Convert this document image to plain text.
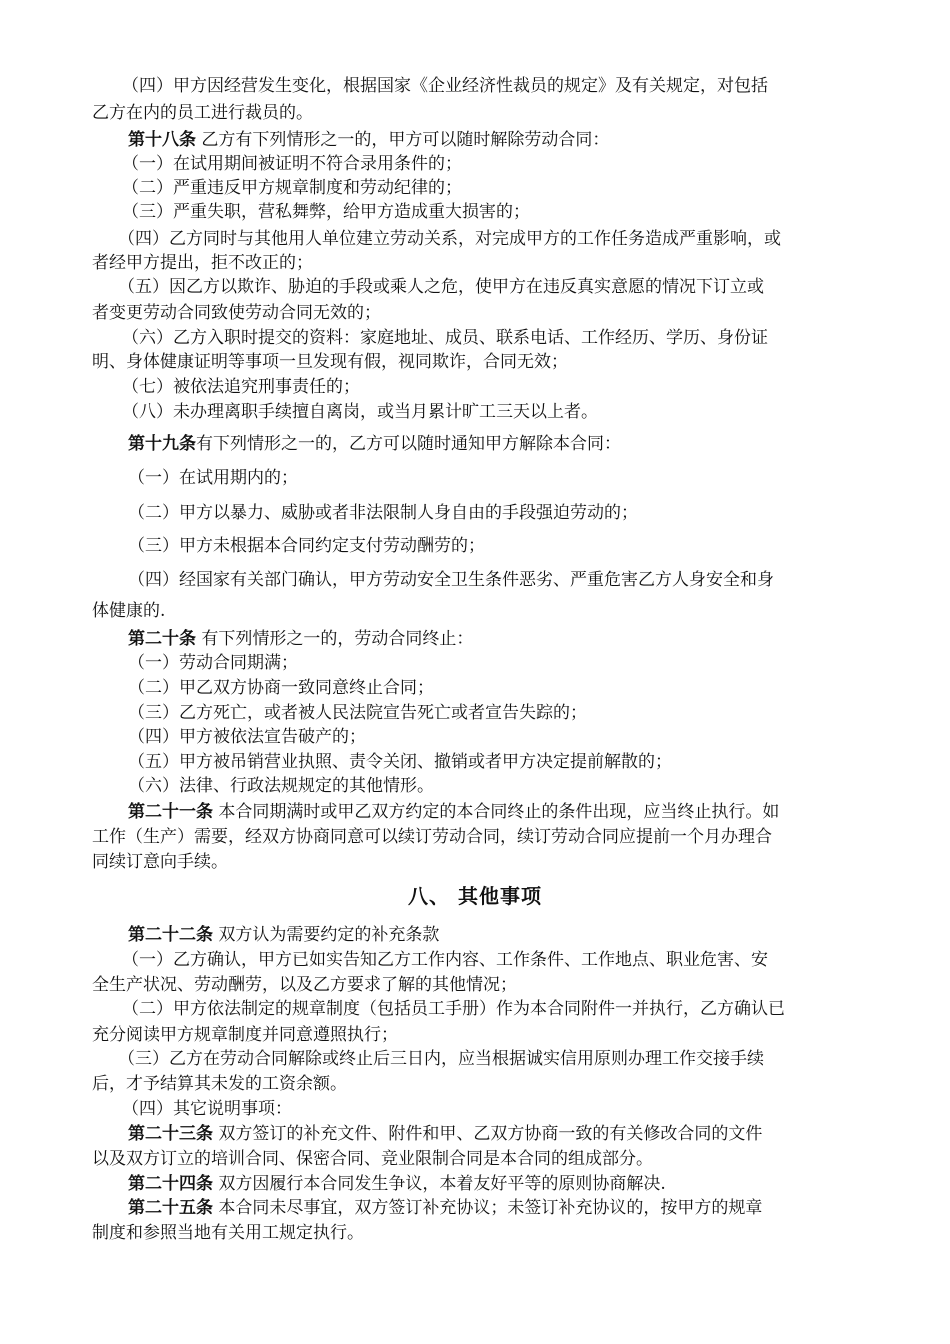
（四）甲方因经营发生变化，根据国家《企业经济性裁员的规定》及有关规定，对包括
乙方在内的员工进行裁员的。
第十八条 乙方有下列情形之一的，甲方可以随时解除劳动合同：
（一）在试用期间被证明不符合录用条件的；
（二）严重违反甲方规章制度和劳动纪律的；
（三）严重失职，营私舞弊，给甲方造成重大损害的；
（四）乙方同时与其他用人单位建立劳动关系，对完成甲方的工作任务造成严重影响，或
者经甲方提出，拒不改正的；
（五）因乙方以欺诈、胁迫的手段或乘人之危，使甲方在违反真实意愿的情况下订立或
者变更劳动合同致使劳动合同无效的；
（六）乙方入职时提交的资料：家庭地址、成员、联系电话、工作经历、学历、身份证
明、身体健康证明等事项一旦发现有假，视同欺诈，合同无效；
（七）被依法追究刑事责任的；
（八）未办理离职手续擅自离岗，或当月累计旷工三天以上者。
第十九条有下列情形之一的，乙方可以随时通知甲方解除本合同：
（一）在试用期内的；
（二）甲方以暴力、威胁或者非法限制人身自由的手段强迫劳动的；
（三）甲方未根据本合同约定支付劳动酬劳的；
（四）经国家有关部门确认，甲方劳动安全卫生条件恶劣、严重危害乙方人身安全和身
体健康的.
第二十条 有下列情形之一的，劳动合同终止：
（一）劳动合同期满；
（二）甲乙双方协商一致同意终止合同；
（三）乙方死亡，或者被人民法院宣告死亡或者宣告失踪的；
（四）甲方被依法宣告破产的；
（五）甲方被吊销营业执照、责令关闭、撤销或者甲方决定提前解散的；
（六）法律、行政法规规定的其他情形。
第二十一条 本合同期满时或甲乙双方约定的本合同终止的条件出现，应当终止执行。如
工作（生产）需要，经双方协商同意可以续订劳动合同，续订劳动合同应提前一个月办理合
同续订意向手续。
八、 其他事项
第二十二条 双方认为需要约定的补充条款
（一）乙方确认，甲方已如实告知乙方工作内容、工作条件、工作地点、职业危害、安
全生产状况、劳动酬劳，以及乙方要求了解的其他情况；
（二）甲方依法制定的规章制度（包括员工手册）作为本合同附件一并执行，乙方确认已
充分阅读甲方规章制度并同意遵照执行；
（三）乙方在劳动合同解除或终止后三日内，应当根据诚实信用原则办理工作交接手续
后，才予结算其未发的工资余额。
（四）其它说明事项：
第二十三条 双方签订的补充文件、附件和甲、乙双方协商一致的有关修改合同的文件
以及双方订立的培训合同、保密合同、竞业限制合同是本合同的组成部分。
第二十四条 双方因履行本合同发生争议，本着友好平等的原则协商解决.
第二十五条 本合同未尽事宜，双方签订补充协议；未签订补充协议的，按甲方的规章
制度和参照当地有关用工规定执行。
